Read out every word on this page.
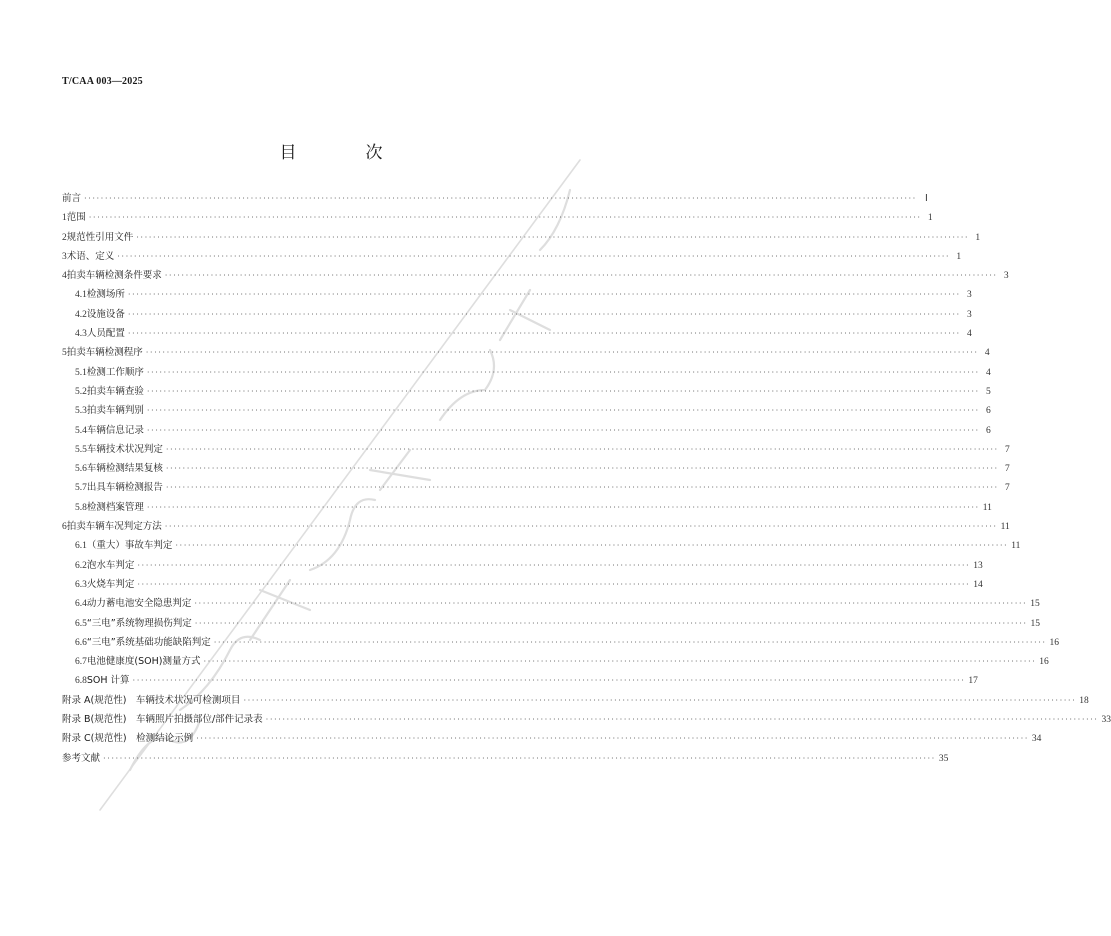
T/CAA 003—2025
目　次
前言 ········································································································································································································ Ⅰ
1 范围 ········································································································································································································ 1
2 规范性引用文件 ········································································································································································································ 1
3 术语、定义 ········································································································································································································ 1
4 拍卖车辆检测条件要求 ········································································································································································································ 3
4.1 检测场所 ········································································································································································································ 3
4.2 设施设备 ········································································································································································································ 3
4.3 人员配置 ········································································································································································································ 4
5 拍卖车辆检测程序 ········································································································································································································ 4
5.1 检测工作顺序 ········································································································································································································ 4
5.2 拍卖车辆查验 ········································································································································································································ 5
5.3 拍卖车辆判别 ········································································································································································································ 6
5.4 车辆信息记录 ········································································································································································································ 6
5.5 车辆技术状况判定 ········································································································································································································ 7
5.6 车辆检测结果复核 ········································································································································································································ 7
5.7 出具车辆检测报告 ········································································································································································································ 7
5.8 检测档案管理 ········································································································································································································ 11
6 拍卖车辆车况判定方法 ········································································································································································································ 11
6.1 （重大）事故车判定 ········································································································································································································ 11
6.2 泡水车判定 ········································································································································································································ 13
6.3 火烧车判定 ········································································································································································································ 14
6.4 动力蓄电池安全隐患判定 ········································································································································································································ 15
6.5 “三电”系统物理损伤判定 ········································································································································································································ 15
6.6 “三电”系统基础功能缺陷判定 ········································································································································································································ 16
6.7 电池健康度(SOH)测量方式 ········································································································································································································ 16
6.8 SOH 计算 ········································································································································································································ 17
附录 A(规范性)　车辆技术状况可检测项目 ········································································································································································································ 18
附录 B(规范性)　车辆照片拍摄部位/部件记录表 ········································································································································································································ 33
附录 C(规范性)　检测结论示例 ········································································································································································································ 34
参考文献 ········································································································································································································ 35
